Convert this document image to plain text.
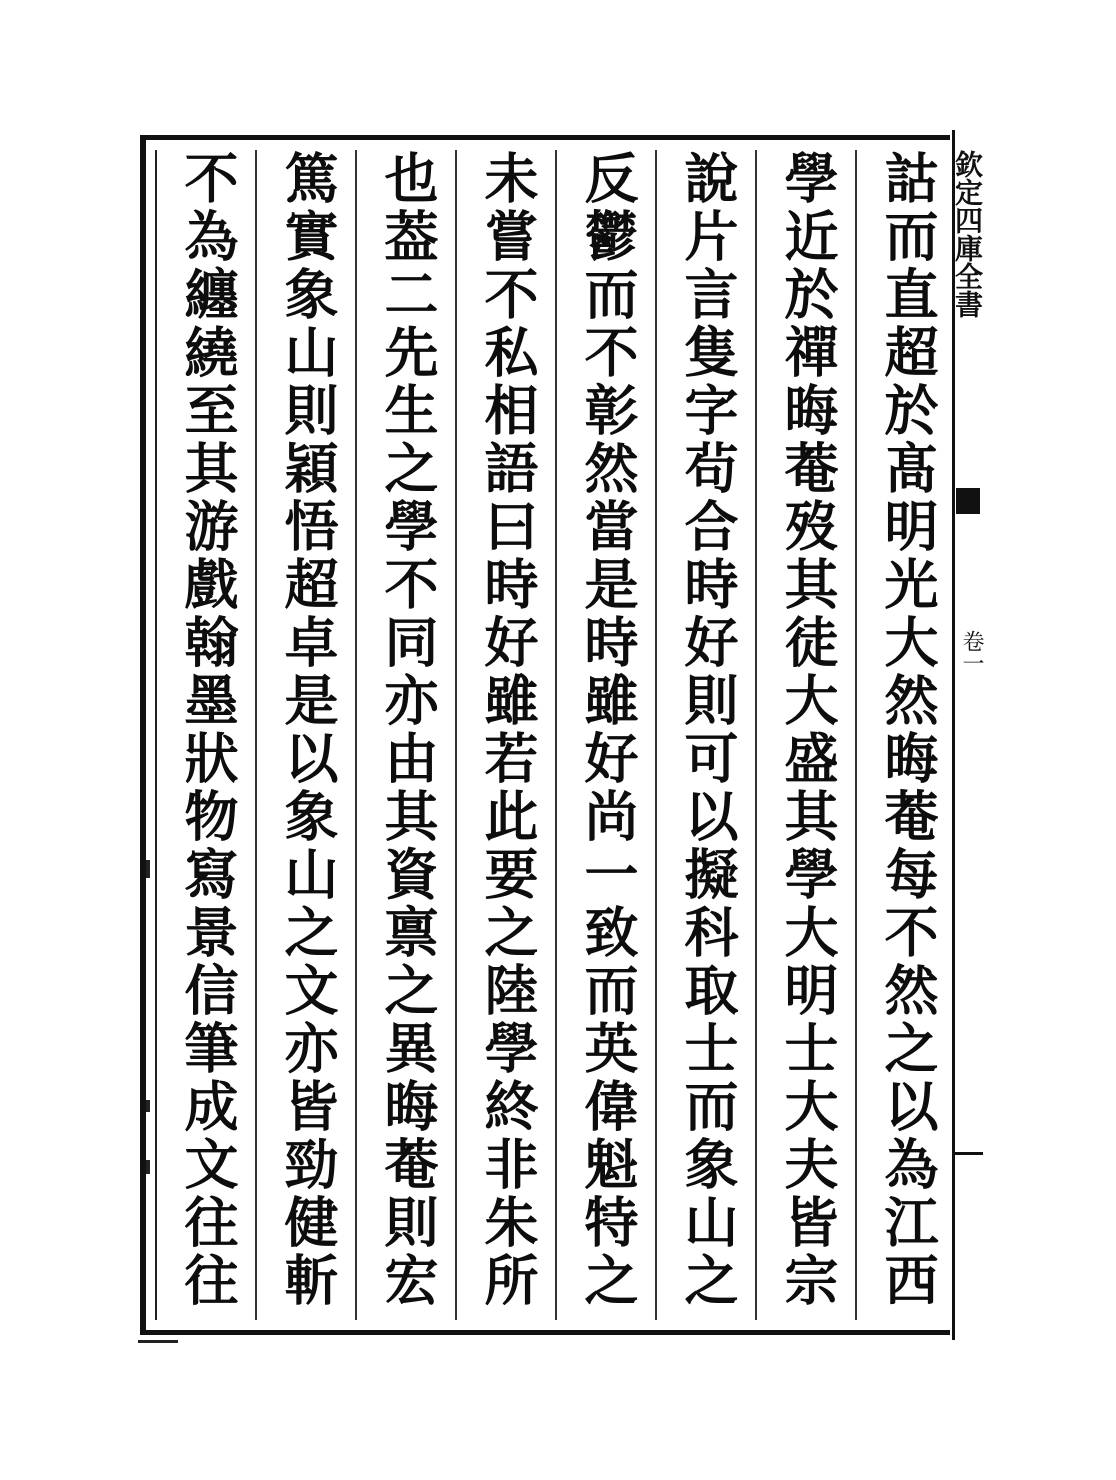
欽定四庫全書
卷一
詁而直超於髙明光大然晦菴每不然之以為江西
學近於禪晦菴歿其徒大盛其學大明士大夫皆宗
說片言隻字茍合時好則可以擬科取士而象山之
反鬱而不彰然當是時雖好尚一致而英偉魁特之
未嘗不私相語曰時好雖若此要之陸學終非朱所
也葢二先生之學不同亦由其資禀之異晦菴則宏
篤實象山則穎悟超卓是以象山之文亦皆勁健斬
不為纏繞至其游戲翰墨狀物寫景信筆成文往往
